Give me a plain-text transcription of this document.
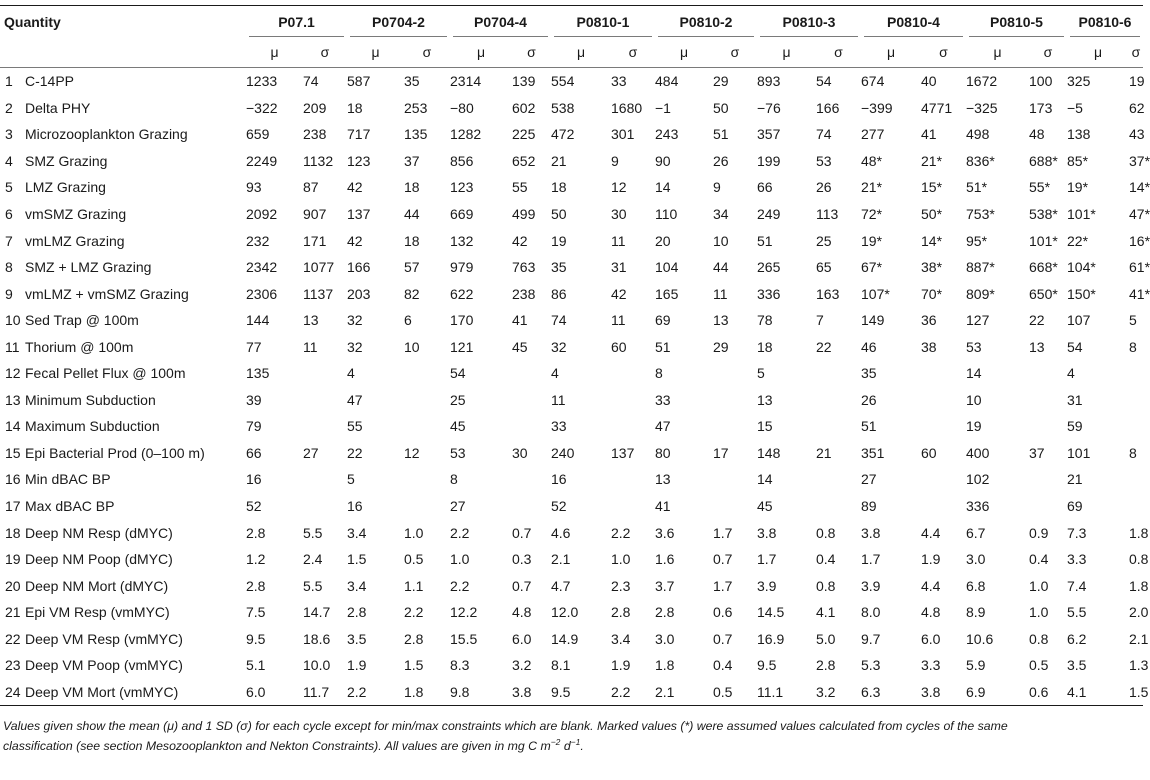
Quantity		P07.1		P0704-2		P0704-4		P0810-1		P0810-2		P0810-3		P0810-4		P0810-5		P0810-6	

		μ	σ	μ	σ	μ	σ	μ	σ	μ	σ	μ	σ	μ	σ	μ	σ	μ	σ
1	C-14PP	1233	74	587	35	2314	139	554	33	484	29	893	54	674	40	1672	100	325	19
2	Delta PHY	−322	209	18	253	−80	602	538	1680	−1	50	−76	166	−399	4771	−325	173	−5	62
3	Microzooplankton Grazing	659	238	717	135	1282	225	472	301	243	51	357	74	277	41	498	48	138	43
4	SMZ Grazing	2249	1132	123	37	856	652	21	9	90	26	199	53	48*	21*	836*	688*	85*	37*
5	LMZ Grazing	93	87	42	18	123	55	18	12	14	9	66	26	21*	15*	51*	55*	19*	14*
6	vmSMZ Grazing	2092	907	137	44	669	499	50	30	110	34	249	113	72*	50*	753*	538*	101*	47*
7	vmLMZ Grazing	232	171	42	18	132	42	19	11	20	10	51	25	19*	14*	95*	101*	22*	16*
8	SMZ + LMZ Grazing	2342	1077	166	57	979	763	35	31	104	44	265	65	67*	38*	887*	668*	104*	61*
9	vmLMZ + vmSMZ Grazing	2306	1137	203	82	622	238	86	42	165	11	336	163	107*	70*	809*	650*	150*	41*
10	Sed Trap @ 100m	144	13	32	6	170	41	74	11	69	13	78	7	149	36	127	22	107	5
11	Thorium @ 100m	77	11	32	10	121	45	32	60	51	29	18	22	46	38	53	13	54	8
12	Fecal Pellet Flux @ 100m	135		4		54		4		8		5		35		14		4	
13	Minimum Subduction	39		47		25		11		33		13		26		10		31	
14	Maximum Subduction	79		55		45		33		47		15		51		19		59	
15	Epi Bacterial Prod (0–100 m)	66	27	22	12	53	30	240	137	80	17	148	21	351	60	400	37	101	8
16	Min dBAC BP	16		5		8		16		13		14		27		102		21	
17	Max dBAC BP	52		16		27		52		41		45		89		336		69	
18	Deep NM Resp (dMYC)	2.8	5.5	3.4	1.0	2.2	0.7	4.6	2.2	3.6	1.7	3.8	0.8	3.8	4.4	6.7	0.9	7.3	1.8
19	Deep NM Poop (dMYC)	1.2	2.4	1.5	0.5	1.0	0.3	2.1	1.0	1.6	0.7	1.7	0.4	1.7	1.9	3.0	0.4	3.3	0.8
20	Deep NM Mort (dMYC)	2.8	5.5	3.4	1.1	2.2	0.7	4.7	2.3	3.7	1.7	3.9	0.8	3.9	4.4	6.8	1.0	7.4	1.8
21	Epi VM Resp (vmMYC)	7.5	14.7	2.8	2.2	12.2	4.8	12.0	2.8	2.8	0.6	14.5	4.1	8.0	4.8	8.9	1.0	5.5	2.0
22	Deep VM Resp (vmMYC)	9.5	18.6	3.5	2.8	15.5	6.0	14.9	3.4	3.0	0.7	16.9	5.0	9.7	6.0	10.6	0.8	6.2	2.1
23	Deep VM Poop (vmMYC)	5.1	10.0	1.9	1.5	8.3	3.2	8.1	1.9	1.8	0.4	9.5	2.8	5.3	3.3	5.9	0.5	3.5	1.3
24	Deep VM Mort (vmMYC)	6.0	11.7	2.2	1.8	9.8	3.8	9.5	2.2	2.1	0.5	11.1	3.2	6.3	3.8	6.9	0.6	4.1	1.5
Values given show the mean (μ) and 1 SD (σ) for each cycle except for min/max constraints which are blank. Marked values (*) were assumed values calculated from cycles of the same
classification (see section Mesozooplankton and Nekton Constraints). All values are given in mg C $m^{-2}$ $d^{-1}$.
